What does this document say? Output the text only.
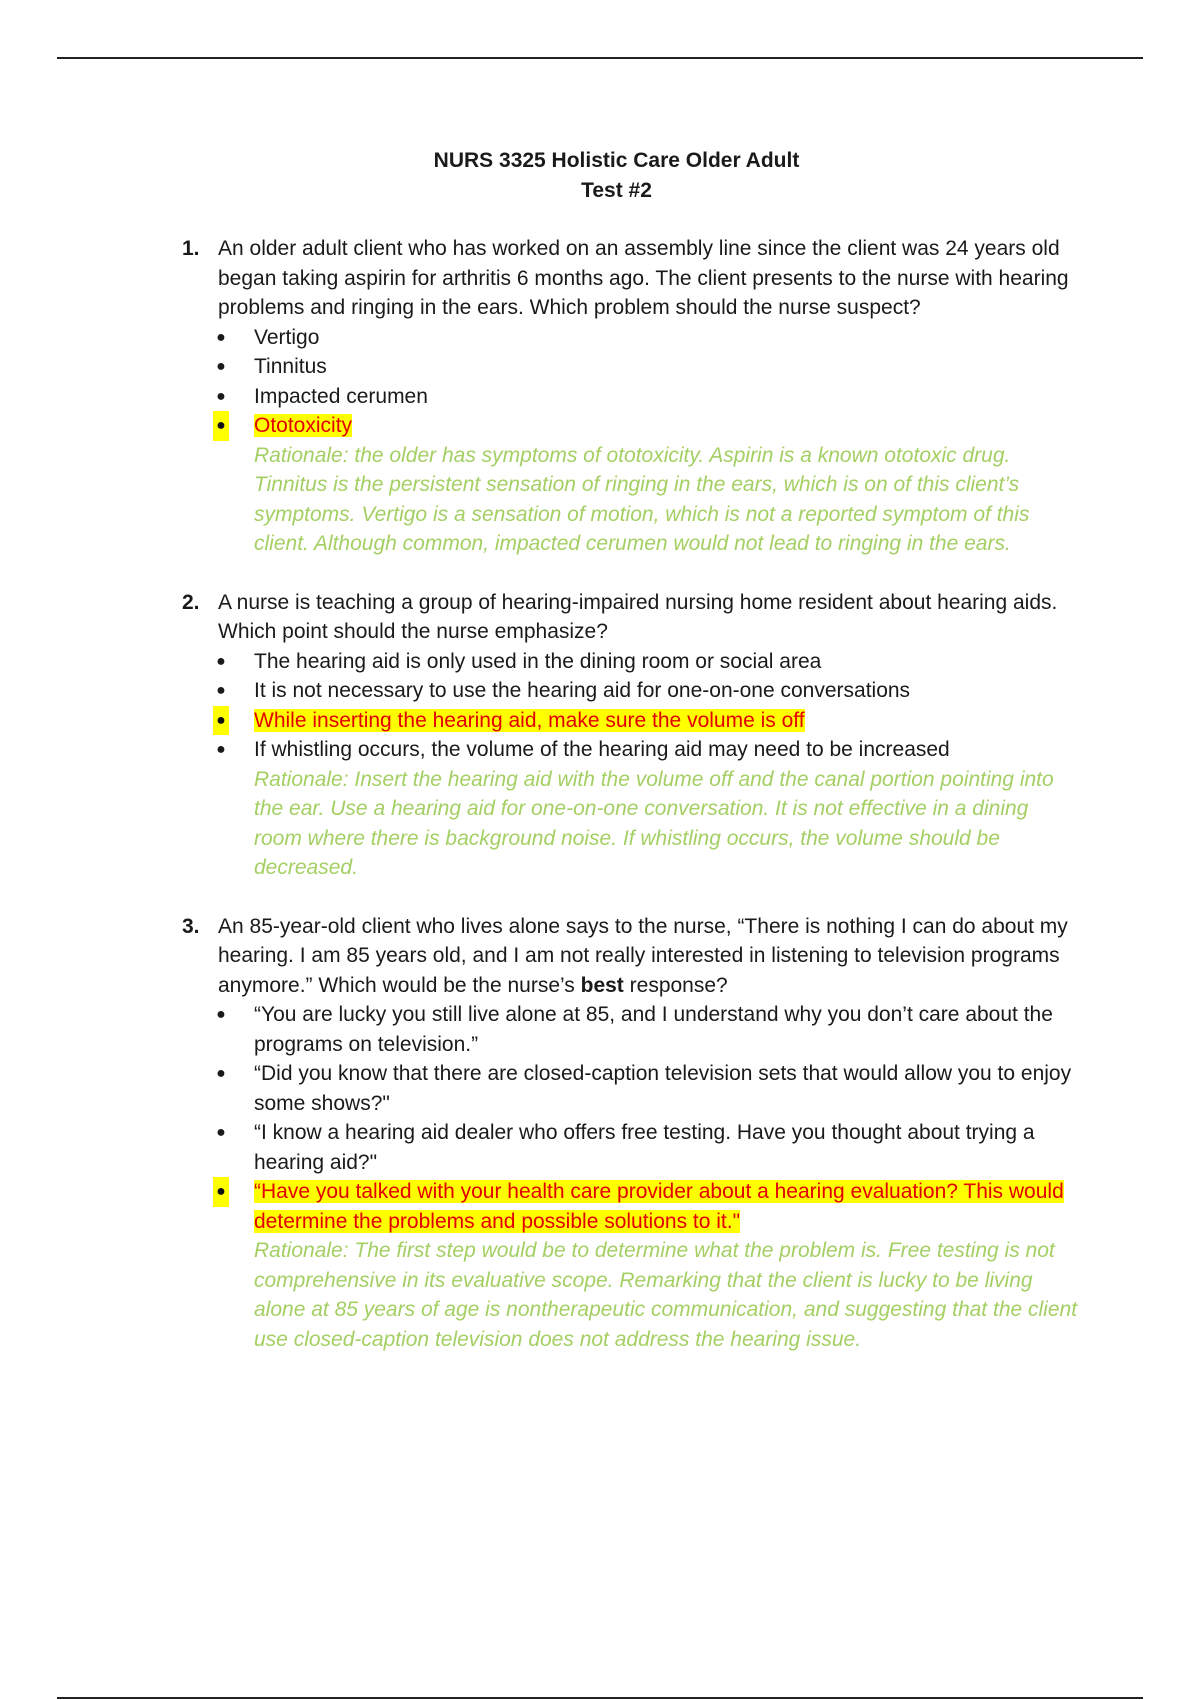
NURS 3325 Holistic Care Older Adult
Test #2
1. An older adult client who has worked on an assembly line since the client was 24 years old began taking aspirin for arthritis 6 months ago. The client presents to the nurse with hearing problems and ringing in the ears. Which problem should the nurse suspect?
● Vertigo
● Tinnitus
● Impacted cerumen
● Ototoxicity

Rationale: the older has symptoms of ototoxicity. Aspirin is a known ototoxic drug. Tinnitus is the persistent sensation of ringing in the ears, which is on of this client’s symptoms. Vertigo is a sensation of motion, which is not a reported symptom of this client. Although common, impacted cerumen would not lead to ringing in the ears.

2. A nurse is teaching a group of hearing-impaired nursing home resident about hearing aids. Which point should the nurse emphasize?
● The hearing aid is only used in the dining room or social area
● It is not necessary to use the hearing aid for one-on-one conversations
● While inserting the hearing aid, make sure the volume is off
● If whistling occurs, the volume of the hearing aid may need to be increased

Rationale: Insert the hearing aid with the volume off and the canal portion pointing into the ear. Use a hearing aid for one-on-one conversation. It is not effective in a dining room where there is background noise. If whistling occurs, the volume should be decreased.

3. An 85-year-old client who lives alone says to the nurse, “There is nothing I can do about my hearing. I am 85 years old, and I am not really interested in listening to television programs anymore.” Which would be the nurse’s best response?
● “You are lucky you still live alone at 85, and I understand why you don’t care about the programs on television.”
● “Did you know that there are closed-caption television sets that would allow you to enjoy some shows?"
● “I know a hearing aid dealer who offers free testing. Have you thought about trying a hearing aid?"
● “Have you talked with your health care provider about a hearing evaluation? This would determine the problems and possible solutions to it."

Rationale: The first step would be to determine what the problem is. Free testing is not comprehensive in its evaluative scope. Remarking that the client is lucky to be living alone at 85 years of age is nontherapeutic communication, and suggesting that the client use closed-caption television does not address the hearing issue.
